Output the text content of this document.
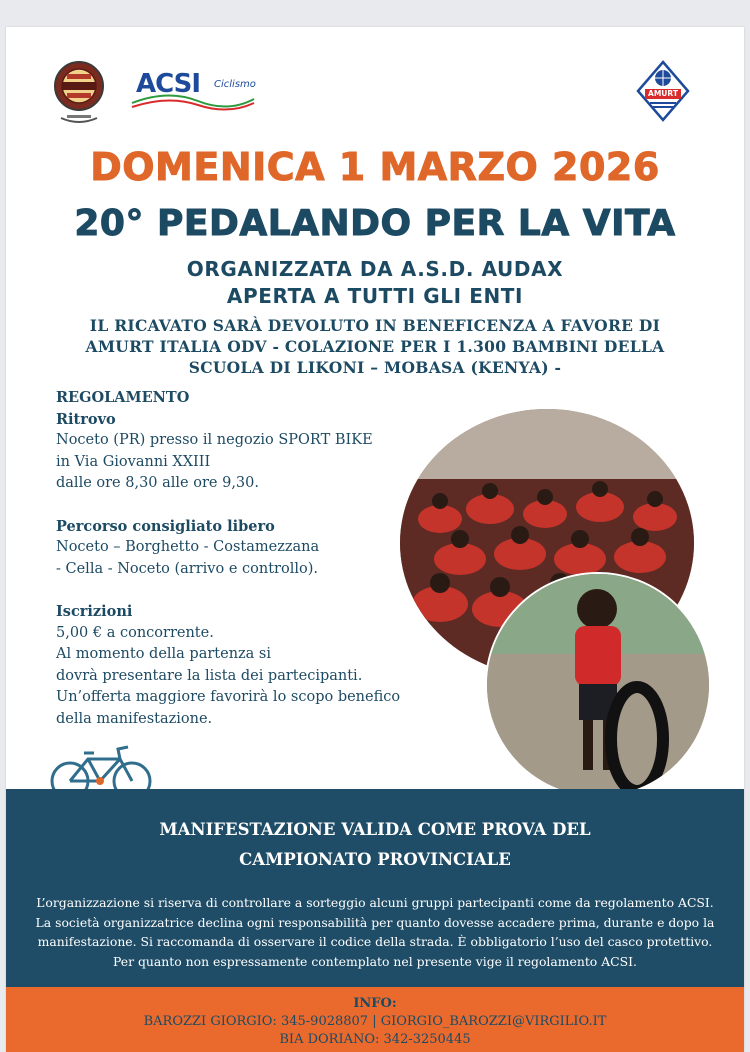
ACSI Ciclismo
AMURT
DOMENICA 1 MARZO 2026
20° PEDALANDO PER LA VITA
ORGANIZZATA DA A.S.D. AUDAX
APERTA A TUTTI GLI ENTI
IL RICAVATO SARÀ DEVOLUTO IN BENEFICENZA A FAVORE DI
AMURT ITALIA ODV - COLAZIONE PER I 1.300 BAMBINI DELLA
SCUOLA DI LIKONI – MOBASA (KENYA) -
REGOLAMENTO
Ritrovo
Noceto (PR) presso il negozio SPORT BIKE
in Via Giovanni XXIII
dalle ore 8,30 alle ore 9,30.
Percorso consigliato libero
Noceto – Borghetto - Costamezzana
- Cella - Noceto (arrivo e controllo).
Iscrizioni
5,00 € a concorrente.
Al momento della partenza si
dovrà presentare la lista dei partecipanti.
Un’offerta maggiore favorirà lo scopo benefico
della manifestazione.
MANIFESTAZIONE VALIDA COME PROVA DEL
CAMPIONATO PROVINCIALE
L’organizzazione si riserva di controllare a sorteggio alcuni gruppi partecipanti come da regolamento ACSI.
La società organizzatrice declina ogni responsabilità per quanto dovesse accadere prima, durante e dopo la
manifestazione. Si raccomanda di osservare il codice della strada. È obbligatorio l’uso del casco protettivo.
Per quanto non espressamente contemplato nel presente vige il regolamento ACSI.
INFO:
BAROZZI GIORGIO: 345-9028807 | GIORGIO_BAROZZI@VIRGILIO.IT
BIA DORIANO: 342-3250445
